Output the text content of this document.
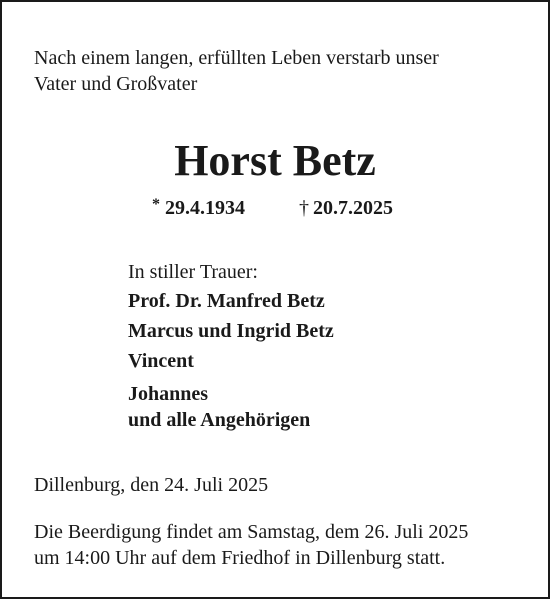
Nach einem langen, erfüllten Leben verstarb unser
Vater und Großvater
Horst Betz
* 29.4.1934	† 20.7.2025
In stiller Trauer:
Prof. Dr. Manfred Betz
Marcus und Ingrid Betz
Vincent
Johannes
und alle Angehörigen
Dillenburg, den 24. Juli 2025
Die Beerdigung findet am Samstag, dem 26. Juli 2025
um 14:00 Uhr auf dem Friedhof in Dillenburg statt.
